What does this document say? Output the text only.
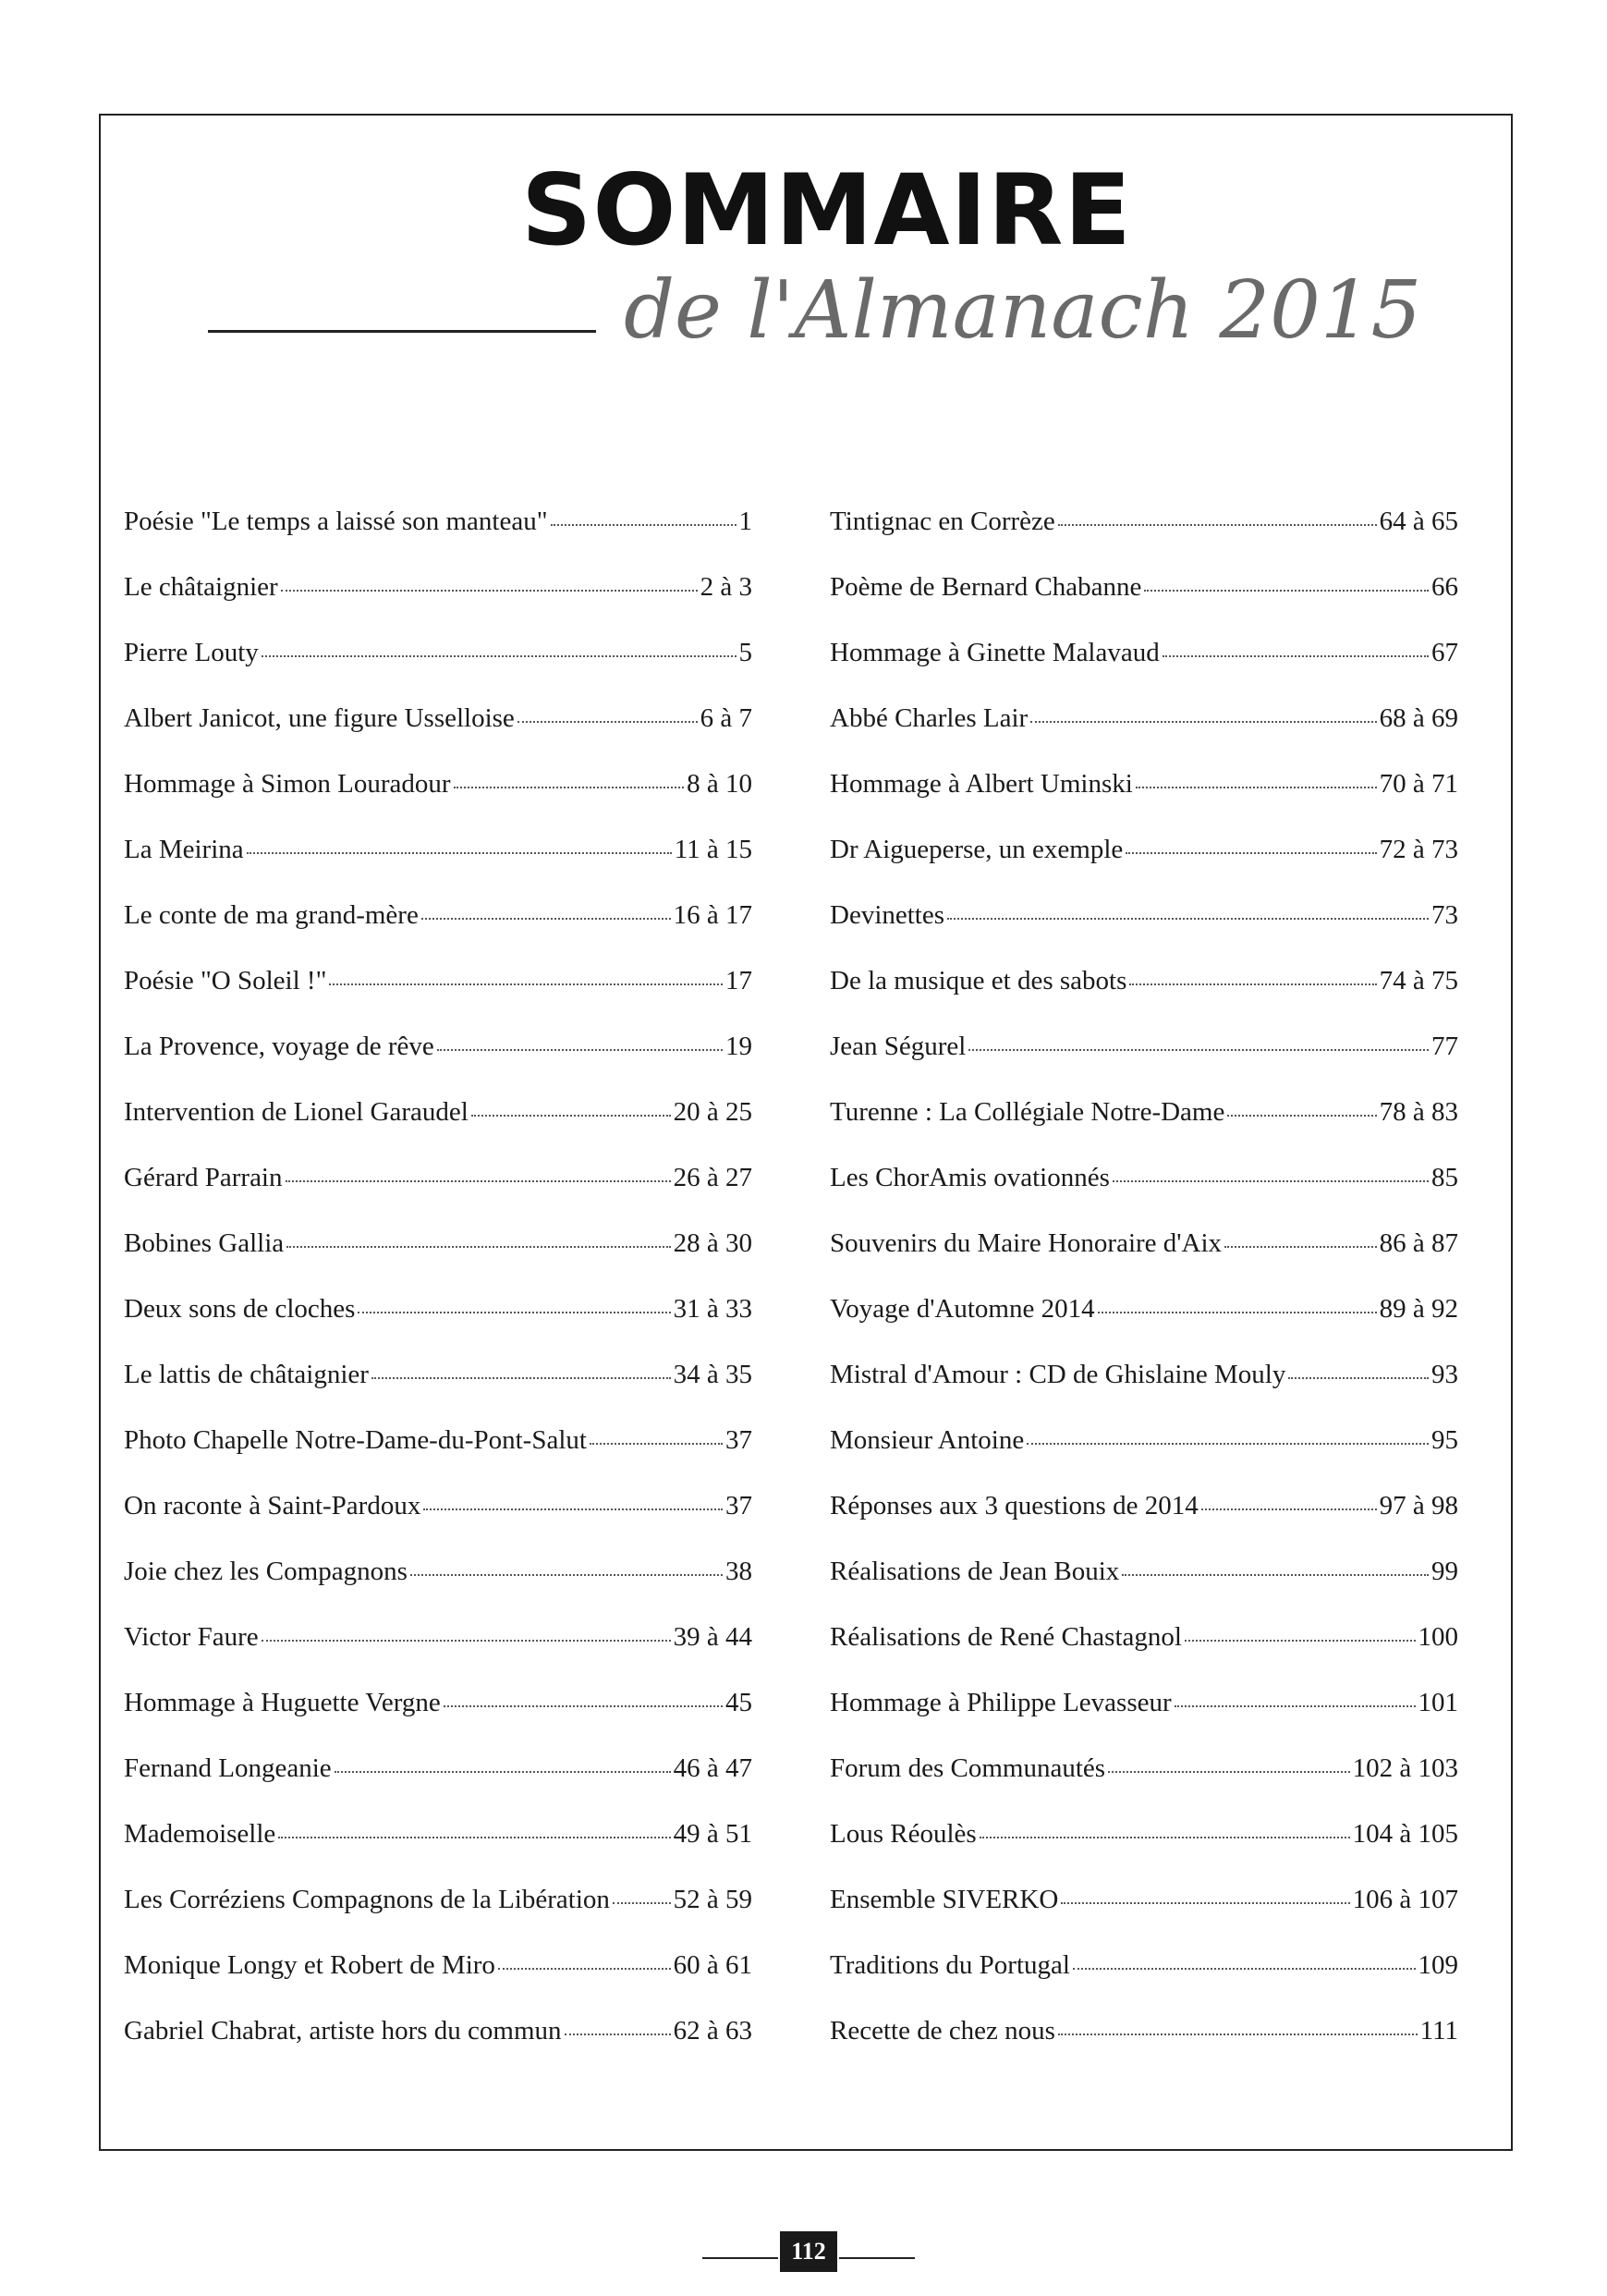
SOMMAIRE
de l'Almanach 2015
Poésie "Le temps a laissé son manteau"	1
Le châtaignier	2 à 3
Pierre Louty	5
Albert Janicot, une figure Usselloise	6 à 7
Hommage à Simon Louradour	8 à 10
La Meirina	11 à 15
Le conte de ma grand-mère	16 à 17
Poésie "O Soleil !"	17
La Provence, voyage de rêve	19
Intervention de Lionel Garaudel	20 à 25
Gérard Parrain	26 à 27
Bobines Gallia	28 à 30
Deux sons de cloches	31 à 33
Le lattis de châtaignier	34 à 35
Photo Chapelle Notre-Dame-du-Pont-Salut	37
On raconte à Saint-Pardoux	37
Joie chez les Compagnons	38
Victor Faure	39 à 44
Hommage à Huguette Vergne	45
Fernand Longeanie	46 à 47
Mademoiselle	49 à 51
Les Corréziens Compagnons de la Libération 52 à 59
Monique Longy et Robert de Miro	60 à 61
Gabriel Chabrat, artiste hors du commun	62 à 63
Tintignac en Corrèze	64 à 65
Poème de Bernard Chabanne	66
Hommage à Ginette Malavaud	67
Abbé Charles Lair	68 à 69
Hommage à Albert Uminski	70 à 71
Dr Aigueperse, un exemple	72 à 73
Devinettes	73
De la musique et des sabots	74 à 75
Jean Ségurel	77
Turenne : La Collégiale Notre-Dame	78 à 83
Les ChorAmis ovationnés	85
Souvenirs du Maire Honoraire d'Aix	86 à 87
Voyage d'Automne 2014	89 à 92
Mistral d'Amour : CD de Ghislaine Mouly	93
Monsieur Antoine	95
Réponses aux 3 questions de 2014	97 à 98
Réalisations de Jean Bouix	99
Réalisations de René Chastagnol	100
Hommage à Philippe Levasseur	101
Forum des Communautés	102 à 103
Lous Réoulès	104 à 105
Ensemble SIVERKO	106 à 107
Traditions du Portugal	109
Recette de chez nous	111
112
